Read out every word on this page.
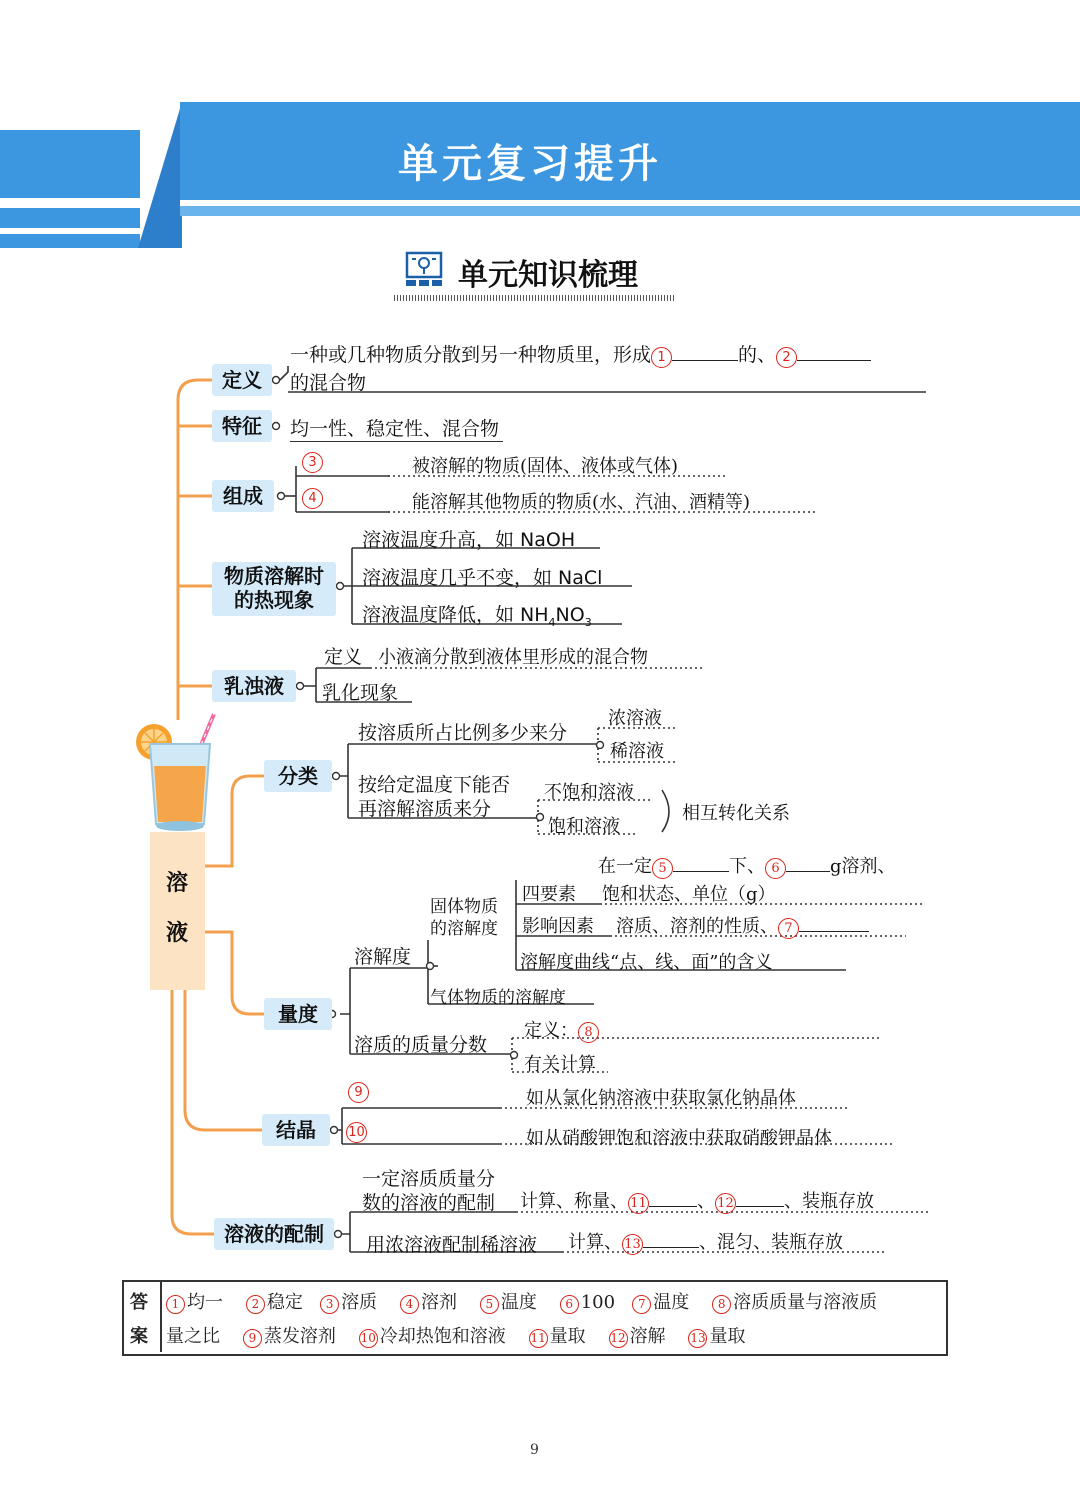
单元复习提升
单元知识梳理
溶
液
定义
一种或几种物质分散到另一种物质里，形成 1	的、 2
的混合物
特征	均一性、稳定性、混合物
组成
3	被溶解的物质(固体、液体或气体)
4	能溶解其他物质的物质(水、汽油、酒精等)
物质溶解时
的热现象
溶液温度升高，如 NaOH
溶液温度几乎不变，如 NaCl
溶液温度降低，如 $NH_4NO_3$
乳浊液
定义 小液滴分散到液体里形成的混合物
乳化现象
分类
按溶质所占比例多少来分
浓溶液
稀溶液
按给定温度下能否
再溶解溶质来分
不饱和溶液
饱和溶液
相互转化关系
量度
溶解度
固体物质
的溶解度
在一定 5	下、 6	g溶剂、
四要素 饱和状态、单位（g）
影响因素 溶质、溶剂的性质、 7
溶解度曲线“点、线、面”的含义
气体物质的溶解度
溶质的质量分数
定义： 8
有关计算
结晶
9	如从氯化钠溶液中获取氯化钠晶体
10	如从硝酸钾饱和溶液中获取硝酸钾晶体
溶液的配制
一定溶质质量分
数的溶液的配制 计算、称量、 11	、 12	、装瓶存放
用浓溶液配制稀溶液 计算、 13	、混匀、装瓶存放
答
案
1 均一 2 稳定 3 溶质 4 溶剂 5 温度 6 100 7 温度 8 溶质质量与溶液质
量之比 9 蒸发溶剂 10 冷却热饱和溶液 11 量取 12 溶解 13 量取
9
